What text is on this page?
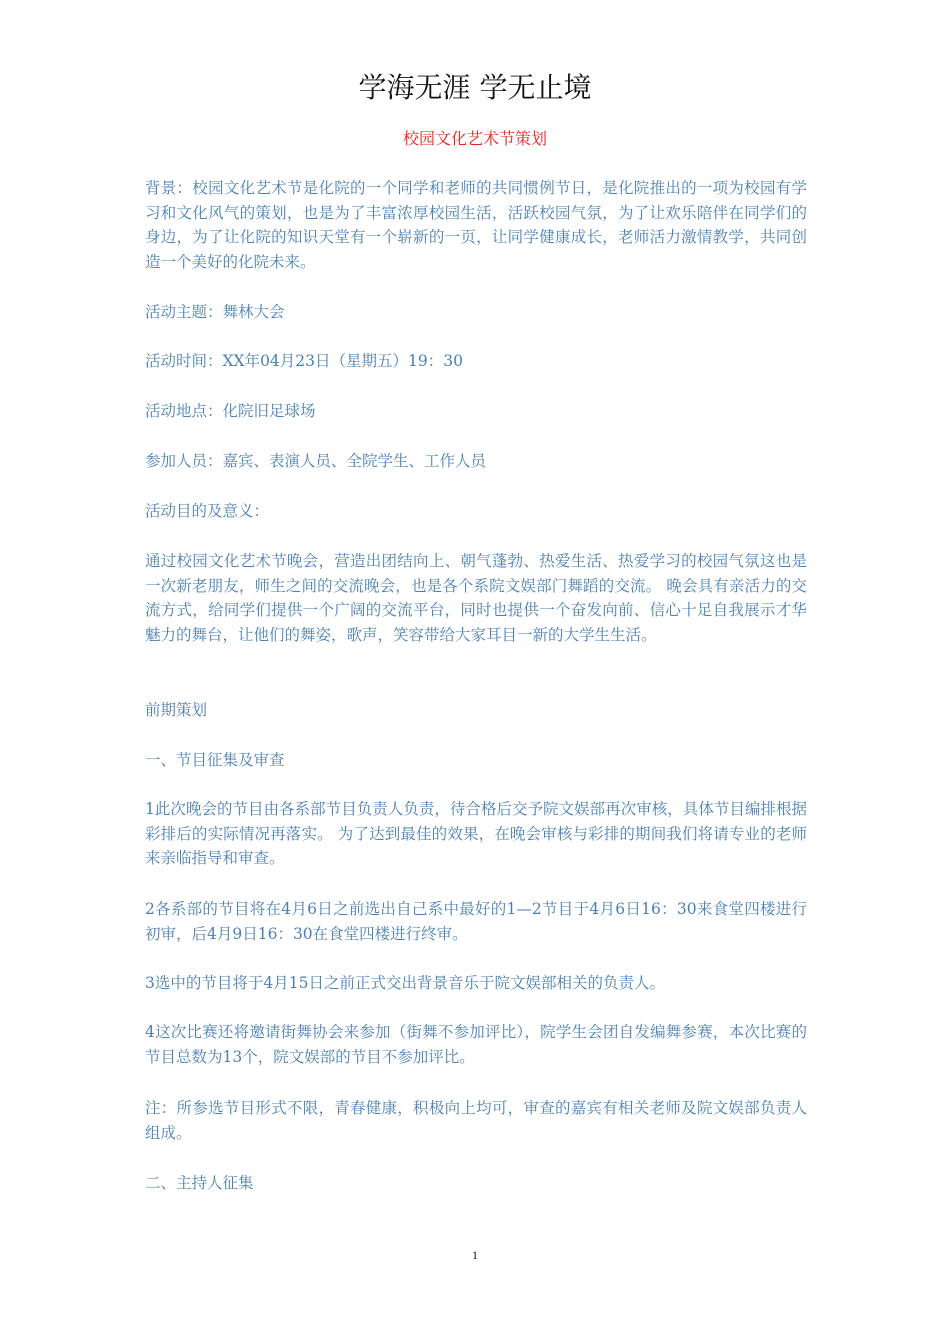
学海无涯 学无止境
校园文化艺术节策划

背景：校园文化艺术节是化院的一个同学和老师的共同惯例节日，是化院推出的一项为校园有学习和文化风气的策划，也是为了丰富浓厚校园生活，活跃校园气氛，为了让欢乐陪伴在同学们的身边，为了让化院的知识天堂有一个崭新的一页，让同学健康成长，老师活力激情教学，共同创造一个美好的化院未来。

活动主题：舞林大会

活动时间：XX年04月23日（星期五）19：30

活动地点：化院旧足球场

参加人员：嘉宾、表演人员、全院学生、工作人员

活动目的及意义：

通过校园文化艺术节晚会，营造出团结向上、朝气蓬勃、热爱生活、热爱学习的校园气氛这也是一次新老朋友，师生之间的交流晚会，也是各个系院文娱部门舞蹈的交流。 晚会具有亲活力的交流方式，给同学们提供一个广阔的交流平台，同时也提供一个奋发向前、信心十足自我展示才华魅力的舞台，让他们的舞姿，歌声，笑容带给大家耳目一新的大学生生活。

前期策划

一、节目征集及审查

1此次晚会的节目由各系部节目负责人负责，待合格后交予院文娱部再次审核，具体节目编排根据彩排后的实际情况再落实。 为了达到最佳的效果，在晚会审核与彩排的期间我们将请专业的老师来亲临指导和审查。

2各系部的节目将在4月6日之前选出自己系中最好的1—2节目于4月6日16：30来食堂四楼进行初审，后4月9日16：30在食堂四楼进行终审。

3选中的节目将于4月15日之前正式交出背景音乐于院文娱部相关的负责人。

4这次比赛还将邀请街舞协会来参加（街舞不参加评比），院学生会团自发编舞参赛，本次比赛的节目总数为13个，院文娱部的节目不参加评比。

注：所参选节目形式不限，青春健康，积极向上均可，审查的嘉宾有相关老师及院文娱部负责人组成。

二、主持人征集

1
